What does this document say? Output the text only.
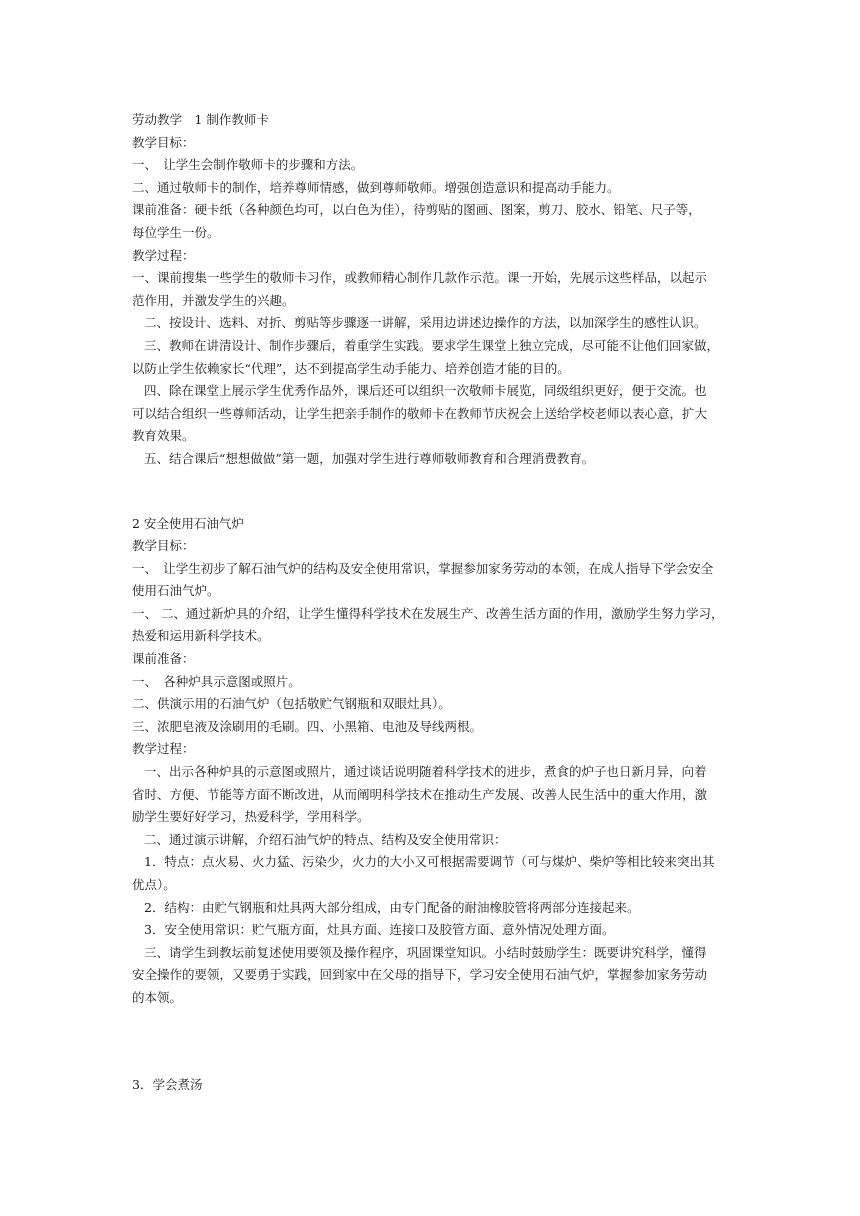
劳动教学　1 制作教师卡
教学目标：
一、　让学生会制作敬师卡的步骤和方法。
二、通过敬师卡的制作，培养尊师情感，做到尊师敬师。增强创造意识和提高动手能力。
课前准备：硬卡纸（各种颜色均可，以白色为佳），待剪贴的图画、图案，剪刀、胶水、铅笔、尺子等，
每位学生一份。
教学过程：
一、课前搜集一些学生的敬师卡习作，或教师精心制作几款作示范。课一开始，先展示这些样品，以起示
范作用，并激发学生的兴趣。
二、按设计、选料、对折、剪贴等步骤逐一讲解，采用边讲述边操作的方法，以加深学生的感性认识。
三、教师在讲清设计、制作步骤后，着重学生实践。要求学生课堂上独立完成，尽可能不让他们回家做，
以防止学生依赖家长“代理”，达不到提高学生动手能力、培养创造才能的目的。
四、除在课堂上展示学生优秀作品外，课后还可以组织一次敬师卡展览，同级组织更好，便于交流。也
可以结合组织一些尊师活动，让学生把亲手制作的敬师卡在教师节庆祝会上送给学校老师以表心意，扩大
教育效果。
五、结合课后“想想做做”第一题，加强对学生进行尊师敬师教育和合理消费教育。
2 安全使用石油气炉
教学目标：
一、　让学生初步了解石油气炉的结构及安全使用常识，掌握参加家务劳动的本领，在成人指导下学会安全
使用石油气炉。
一、 二、通过新炉具的介绍，让学生懂得科学技术在发展生产、改善生活方面的作用，激励学生努力学习，
热爱和运用新科学技术。
课前准备：
一、　各种炉具示意图或照片。
二、供演示用的石油气炉（包括敬贮气钢瓶和双眼灶具）。
三、浓肥皂液及涂刷用的毛刷。四、小黑箱、电池及导线两根。
教学过程：
一、出示各种炉具的示意图或照片，通过谈话说明随着科学技术的进步，煮食的炉子也日新月异，向着
省时、方便、节能等方面不断改进，从而阐明科学技术在推动生产发展、改善人民生活中的重大作用，激
励学生要好好学习，热爱科学，学用科学。
二、通过演示讲解，介绍石油气炉的特点、结构及安全使用常识：
1．特点：点火易、火力猛、污染少，火力的大小又可根据需要调节（可与煤炉、柴炉等相比较来突出其
优点）。
2．结构：由贮气钢瓶和灶具两大部分组成，由专门配备的耐油橡胶管将两部分连接起来。
3．安全使用常识：贮气瓶方面，灶具方面、连接口及胶管方面、意外情况处理方面。
三、请学生到教坛前复述使用要领及操作程序，巩固课堂知识。小结时鼓励学生：既要讲究科学，懂得
安全操作的要领，又要勇于实践，回到家中在父母的指导下，学习安全使用石油气炉，掌握参加家务劳动
的本领。
3．学会煮汤
